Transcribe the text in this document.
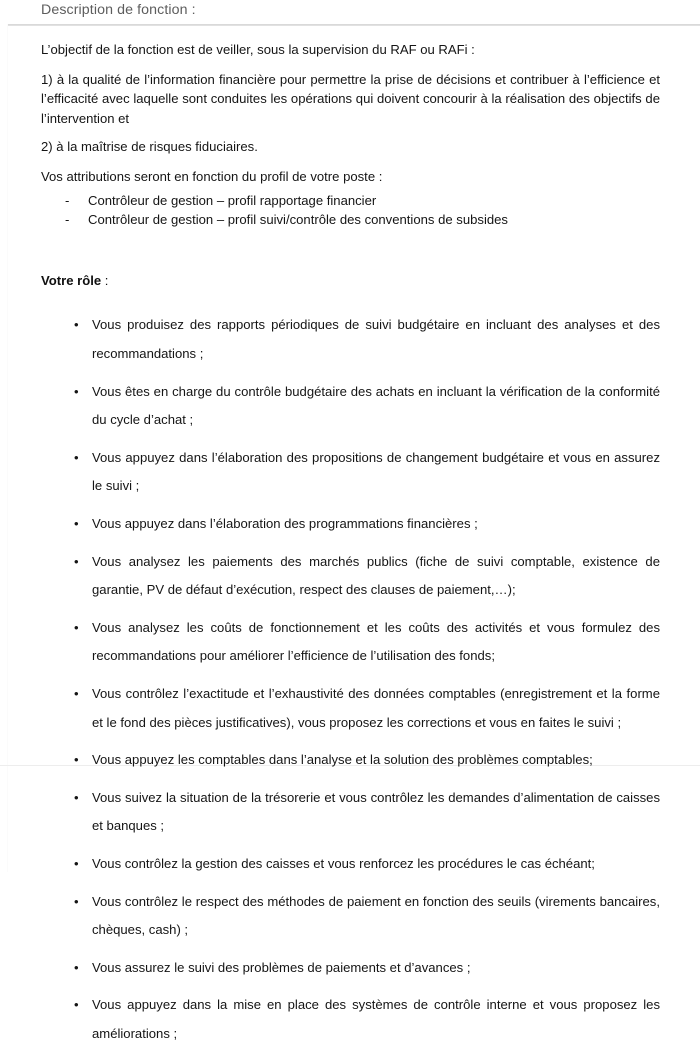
Description de fonction :

L’objectif de la fonction est de veiller, sous la supervision du RAF ou RAFi :

1) à la qualité de l’information financière pour permettre la prise de décisions et contribuer à l’efficience et l’efficacité avec laquelle sont conduites les opérations qui doivent concourir à la réalisation des objectifs de l’intervention et

2) à la maîtrise de risques fiduciaires.

Vos attributions seront en fonction du profil de votre poste :

- Contrôleur de gestion – profil rapportage financier
- Contrôleur de gestion – profil suivi/contrôle des conventions de subsides

Votre rôle :

• Vous produisez des rapports périodiques de suivi budgétaire en incluant des analyses et des recommandations ;
• Vous êtes en charge du contrôle budgétaire des achats en incluant la vérification de la conformité du cycle d’achat ;
• Vous appuyez dans l’élaboration des propositions de changement budgétaire et vous en assurez le suivi ;
• Vous appuyez dans l’élaboration des programmations financières ;
• Vous analysez les paiements des marchés publics (fiche de suivi comptable, existence de garantie, PV de défaut d’exécution, respect des clauses de paiement,…);
• Vous analysez les coûts de fonctionnement et les coûts des activités et vous formulez des recommandations pour améliorer l’efficience de l’utilisation des fonds;
• Vous contrôlez l’exactitude et l’exhaustivité des données comptables (enregistrement et la forme et le fond des pièces justificatives), vous proposez les corrections et vous en faites le suivi ;
• Vous appuyez les comptables dans l’analyse et la solution des problèmes comptables;
• Vous suivez la situation de la trésorerie et vous contrôlez les demandes d’alimentation de caisses et banques ;
• Vous contrôlez la gestion des caisses et vous renforcez les procédures le cas échéant;
• Vous contrôlez le respect des méthodes de paiement en fonction des seuils (virements bancaires, chèques, cash) ;
• Vous assurez le suivi des problèmes de paiements et d’avances ;
• Vous appuyez dans la mise en place des systèmes de contrôle interne et vous proposez les améliorations ;
